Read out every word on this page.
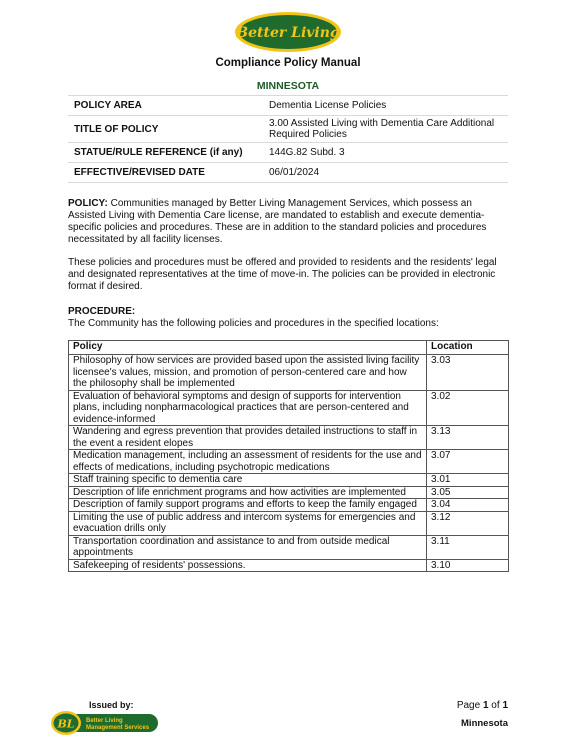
Better Living
Compliance Policy Manual
MINNESOTA
POLICY AREA	Dementia License Policies
TITLE OF POLICY	3.00 Assisted Living with Dementia Care Additional Required Policies
STATUE/RULE REFERENCE (if any)	144G.82 Subd. 3
EFFECTIVE/REVISED DATE	06/01/2024

POLICY: Communities managed by Better Living Management Services, which possess an Assisted Living with Dementia Care license, are mandated to establish and execute dementia-specific policies and procedures. These are in addition to the standard policies and procedures necessitated by all facility licenses.

These policies and procedures must be offered and provided to residents and the residents' legal and designated representatives at the time of move-in. The policies can be provided in electronic format if desired.

PROCEDURE:
The Community has the following policies and procedures in the specified locations:
Policy	Location
Philosophy of how services are provided based upon the assisted living facility licensee's values, mission, and promotion of person-centered care and how the philosophy shall be implemented	3.03
Evaluation of behavioral symptoms and design of supports for intervention plans, including nonpharmacological practices that are person-centered and evidence-informed	3.02
Wandering and egress prevention that provides detailed instructions to staff in the event a resident elopes	3.13
Medication management, including an assessment of residents for the use and effects of medications, including psychotropic medications	3.07
Staff training specific to dementia care	3.01
Description of life enrichment programs and how activities are implemented	3.05
Description of family support programs and efforts to keep the family engaged	3.04
Limiting the use of public address and intercom systems for emergencies and evacuation drills only	3.12
Transportation coordination and assistance to and from outside medical appointments	3.11
Safekeeping of residents' possessions.	3.10
Issued by:
BL Better Living
Management Services
Page 1 of 1
Minnesota
